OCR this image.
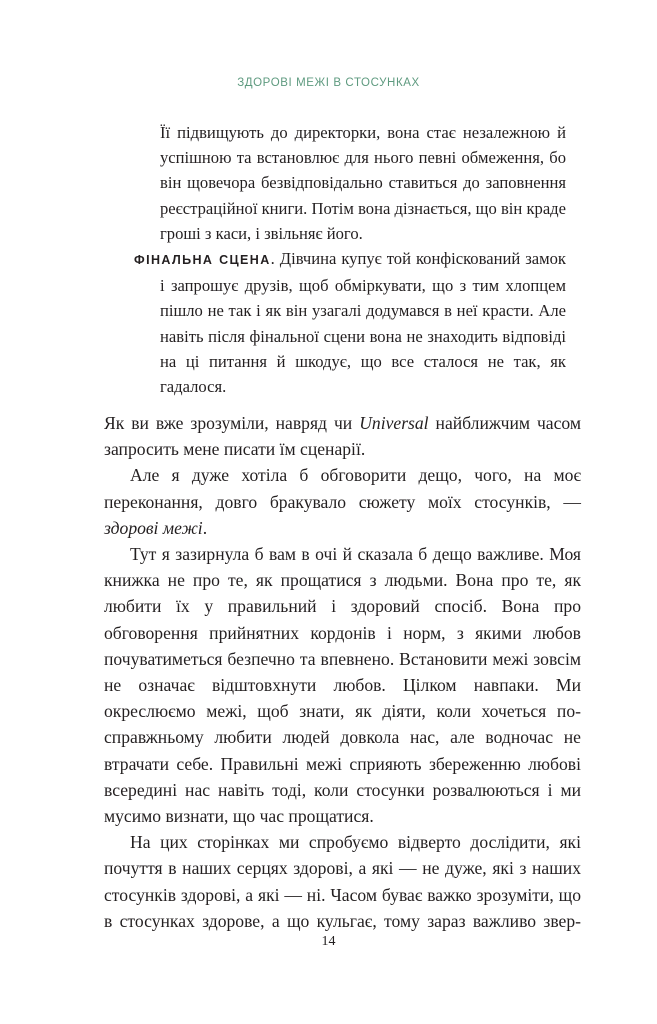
ЗДОРОВІ МЕЖІ В СТОСУНКАХ

Її підвищують до директорки, вона стає незалежною й успішною та встановлює для нього певні обмеження, бо він щовечора безвідповідально ставиться до заповнення реєстраційної книги. Потім вона дізнається, що він краде гроші з каси, і звільняє його.

ФІНАЛЬНА СЦЕНА. Дівчина купує той конфіскований замок і запрошує друзів, щоб обміркувати, що з тим хлопцем пішло не так і як він узагалі додумався в неї красти. Але навіть після фінальної сцени вона не знаходить відповіді на ці питання й шкодує, що все сталося не так, як гадалося.

Як ви вже зрозуміли, навряд чи Universal найближчим часом запросить мене писати їм сценарії.

Але я дуже хотіла б обговорити дещо, чого, на моє переконання, довго бракувало сюжету моїх стосунків, — здорові межі.

Тут я зазирнула б вам в очі й сказала б дещо важливе. Моя книжка не про те, як прощатися з людьми. Вона про те, як любити їх у правильний і здоровий спосіб. Вона про обговорення прийнятних кордонів і норм, з якими любов почуватиметься безпечно та впевнено. Встановити межі зовсім не означає відштовхнути любов. Цілком навпаки. Ми окреслюємо межі, щоб знати, як діяти, коли хочеться по-справжньому любити людей довкола нас, але водночас не втрачати себе. Правильні межі сприяють збереженню любові всередині нас навіть тоді, коли стосунки розвалюються і ми мусимо визнати, що час прощатися.

На цих сторінках ми спробуємо відверто дослідити, які почуття в наших серцях здорові, а які — не дуже, які з наших стосунків здорові, а які — ні. Часом буває важко зрозуміти, що в стосунках здорове, а що кульгає, тому зараз важливо звер-

14
